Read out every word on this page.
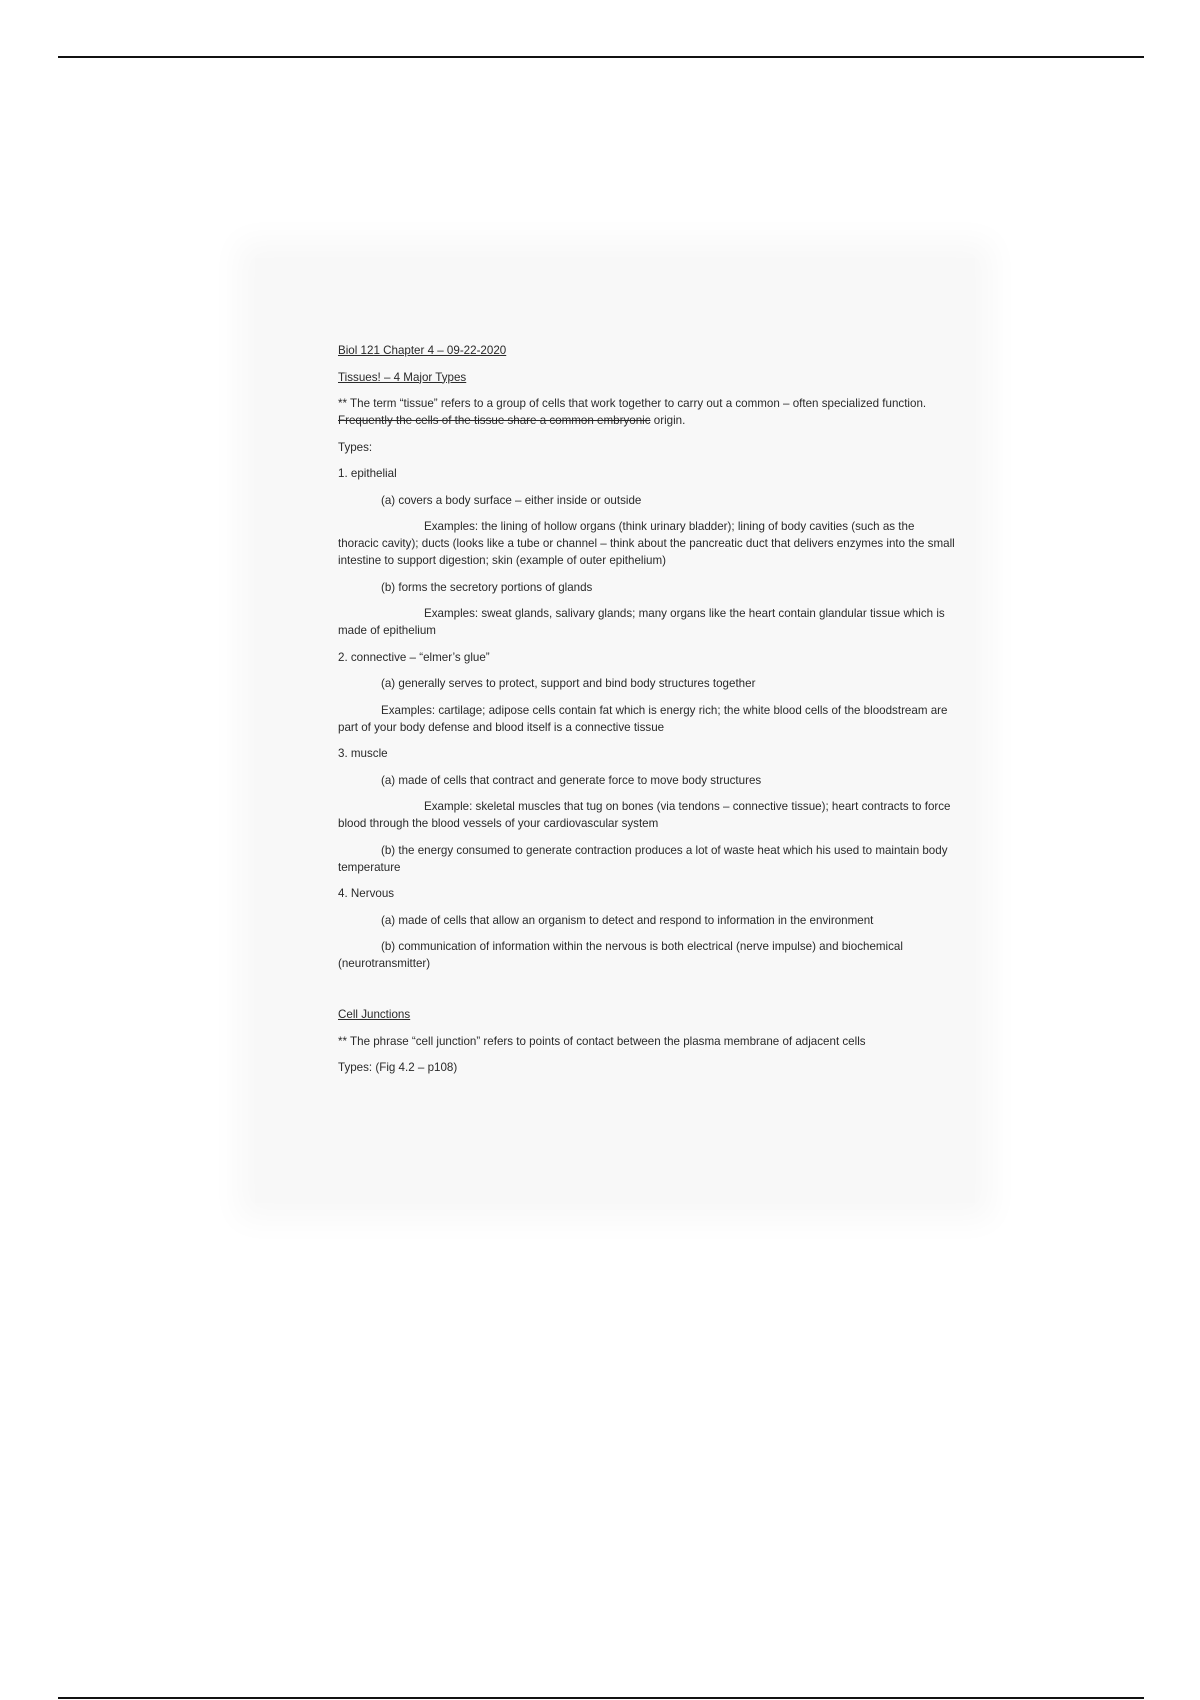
Biol 121 Chapter 4 – 09-22-2020

Tissues! – 4 Major Types

** The term “tissue” refers to a group of cells that work together to carry out a common – often specialized function. Frequently the cells of the tissue share a common embryonic origin.

Types:

1. epithelial

(a) covers a body surface – either inside or outside

Examples: the lining of hollow organs (think urinary bladder); lining of body cavities (such as the thoracic cavity); ducts (looks like a tube or channel – think about the pancreatic duct that delivers enzymes into the small intestine to support digestion; skin (example of outer epithelium)

(b) forms the secretory portions of glands

Examples: sweat glands, salivary glands; many organs like the heart contain glandular tissue which is made of epithelium

2. connective – “elmer’s glue”

(a) generally serves to protect, support and bind body structures together

Examples: cartilage; adipose cells contain fat which is energy rich; the white blood cells of the bloodstream are part of your body defense and blood itself is a connective tissue

3. muscle

(a) made of cells that contract and generate force to move body structures

Example: skeletal muscles that tug on bones (via tendons – connective tissue); heart contracts to force blood through the blood vessels of your cardiovascular system

(b) the energy consumed to generate contraction produces a lot of waste heat which his used to maintain body temperature

4. Nervous

(a) made of cells that allow an organism to detect and respond to information in the environment

(b) communication of information within the nervous is both electrical (nerve impulse) and biochemical (neurotransmitter)

Cell Junctions

** The phrase “cell junction” refers to points of contact between the plasma membrane of adjacent cells

Types: (Fig 4.2 – p108)
